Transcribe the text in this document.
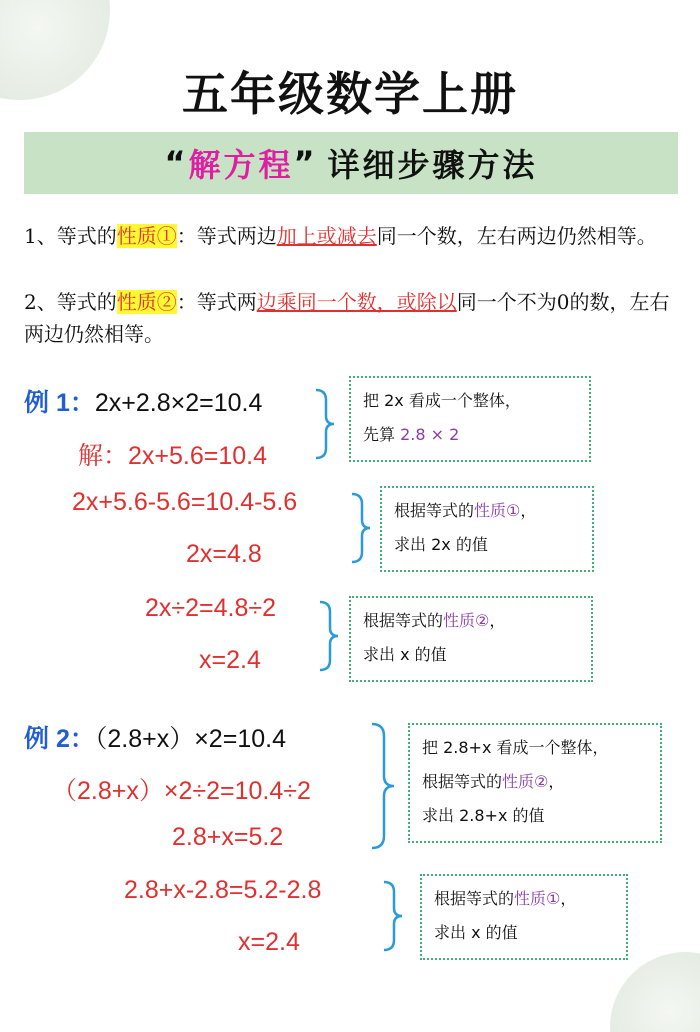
五年级数学上册
“ 解方程 ” 详细步骤方法
1、等式的性质①：等式两边加上或减去同一个数，左右两边仍然相等。
2、等式的性质②：等式两边乘同一个数，或除以同一个不为0的数，左右两边仍然相等。
例 1：2x+2.8×2=10.4
解：2x+5.6=10.4
2x+5.6-5.6=10.4-5.6
2x=4.8
2x÷2=4.8÷2
x=2.4
把 2x 看成一个整体，
先算 2.8 × 2
根据等式的性质①，
求出 2x 的值
根据等式的性质②，
求出 x 的值
例 2：（2.8+x）×2=10.4
（2.8+x）×2÷2=10.4÷2
2.8+x=5.2
2.8+x-2.8=5.2-2.8
x=2.4
把 2.8+x 看成一个整体，
根据等式的性质②，
求出 2.8+x 的值
根据等式的性质①，
求出 x 的值
